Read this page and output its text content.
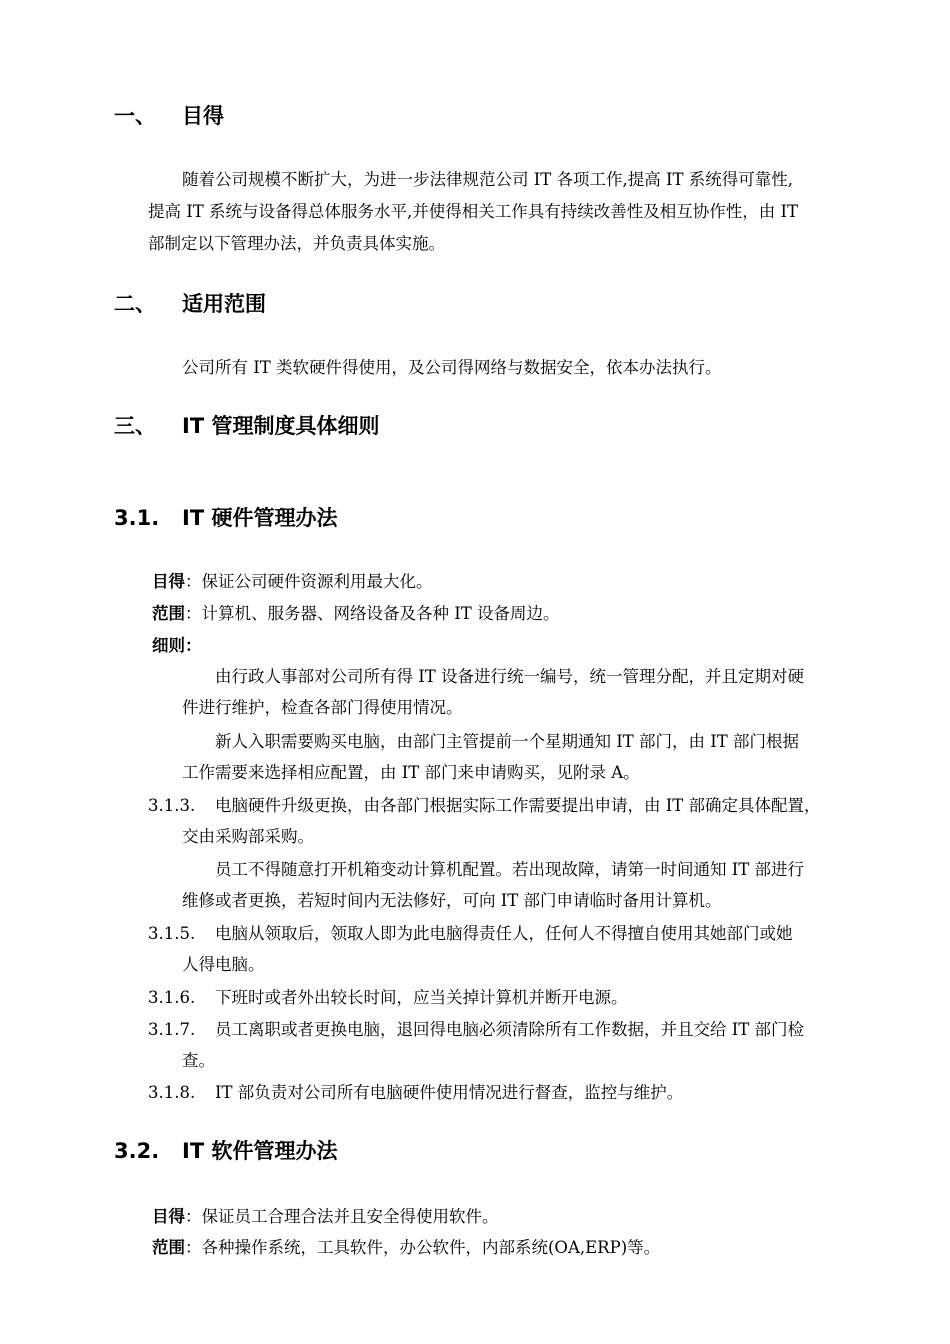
一、 目得
随着公司规模不断扩大，为进一步法律规范公司 IT 各项工作,提高 IT 系统得可靠性,
提高 IT 系统与设备得总体服务水平,并使得相关工作具有持续改善性及相互协作性，由 IT
部制定以下管理办法，并负责具体实施。
二、 适用范围
公司所有 IT 类软硬件得使用，及公司得网络与数据安全，依本办法执行。
三、 IT 管理制度具体细则
3.1. IT 硬件管理办法
目得：保证公司硬件资源利用最大化。
范围：计算机、服务器、网络设备及各种 IT 设备周边。
细则：
由行政人事部对公司所有得 IT 设备进行统一编号，统一管理分配，并且定期对硬
件进行维护，检查各部门得使用情况。
新人入职需要购买电脑，由部门主管提前一个星期通知 IT 部门，由 IT 部门根据
工作需要来选择相应配置，由 IT 部门来申请购买，见附录 A。
3.1.3. 电脑硬件升级更换，由各部门根据实际工作需要提出申请，由 IT 部确定具体配置，
交由采购部采购。
员工不得随意打开机箱变动计算机配置。若出现故障，请第一时间通知 IT 部进行
维修或者更换，若短时间内无法修好，可向 IT 部门申请临时备用计算机。
3.1.5. 电脑从领取后，领取人即为此电脑得责任人，任何人不得擅自使用其她部门或她
人得电脑。
3.1.6. 下班时或者外出较长时间，应当关掉计算机并断开电源。
3.1.7. 员工离职或者更换电脑，退回得电脑必须清除所有工作数据，并且交给 IT 部门检
查。
3.1.8. IT 部负责对公司所有电脑硬件使用情况进行督查，监控与维护。
3.2. IT 软件管理办法
目得：保证员工合理合法并且安全得使用软件。
范围：各种操作系统，工具软件，办公软件，内部系统(OA,ERP)等。
